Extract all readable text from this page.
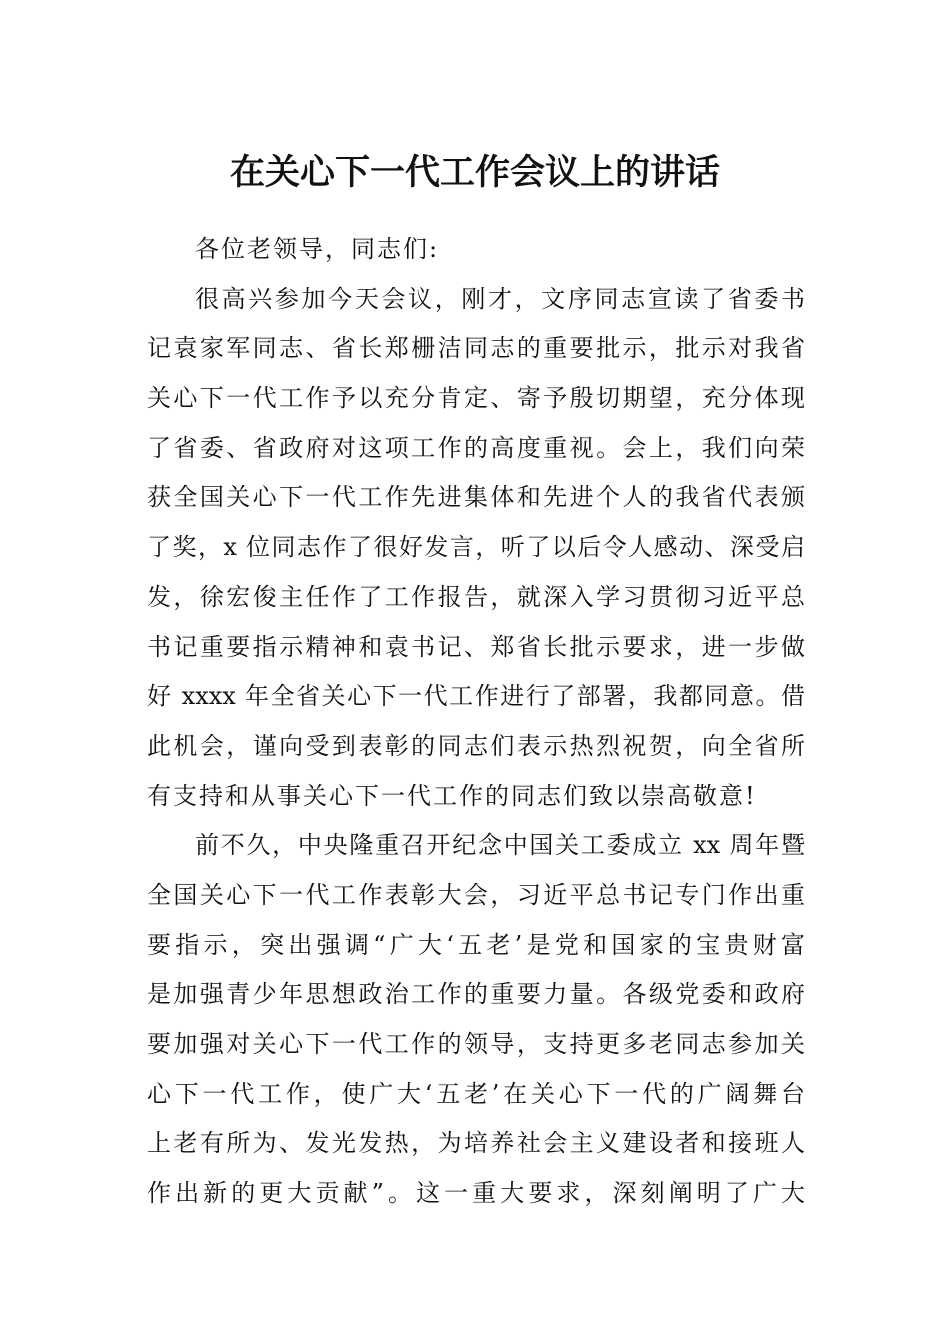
在关心下一代工作会议上的讲话
各位老领导，同志们:
很高兴参加今天会议，刚才，文序同志宣读了省委书
记袁家军同志、省长郑栅洁同志的重要批示，批示对我省
关心下一代工作予以充分肯定、寄予殷切期望，充分体现
了省委、省政府对这项工作的高度重视。会上，我们向荣
获全国关心下一代工作先进集体和先进个人的我省代表颁
了奖，x 位同志作了很好发言，听了以后令人感动、深受启
发，徐宏俊主任作了工作报告，就深入学习贯彻习近平总
书记重要指示精神和袁书记、郑省长批示要求，进一步做
好 xxxx 年全省关心下一代工作进行了部署，我都同意。借
此机会，谨向受到表彰的同志们表示热烈祝贺，向全省所
有支持和从事关心下一代工作的同志们致以崇高敬意!
前不久，中央隆重召开纪念中国关工委成立 xx 周年暨
全国关心下一代工作表彰大会，习近平总书记专门作出重
要指示，突出强调“广大‘五老’是党和国家的宝贵财富
是加强青少年思想政治工作的重要力量。各级党委和政府
要加强对关心下一代工作的领导，支持更多老同志参加关
心下一代工作，使广大‘五老’在关心下一代的广阔舞台
上老有所为、发光发热，为培养社会主义建设者和接班人
作出新的更大贡献”。这一重大要求，深刻阐明了广大
